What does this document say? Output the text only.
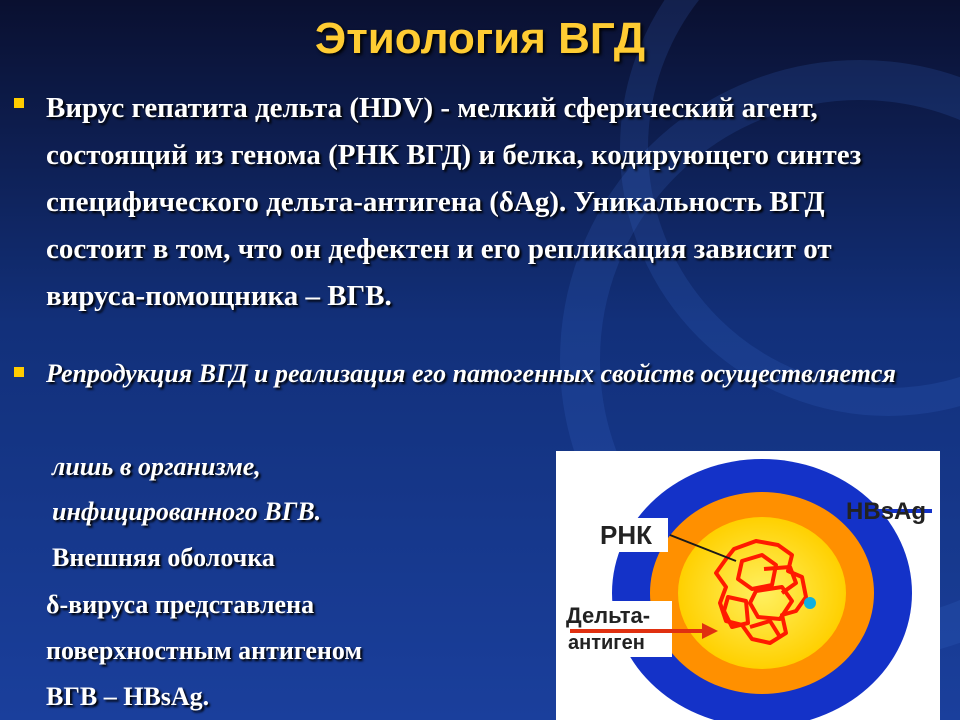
Этиология ВГД
Вирус гепатита дельта (HDV) - мелкий сферический агент, состоящий из генома (РНК ВГД) и белка, кодирующего синтез специфического дельта-антигена (δAg). Уникальность ВГД состоит в том, что он дефектен и его репликация зависит от вируса-помощника – ВГВ.
Репродукция ВГД и реализация его патогенных свойств осуществляется
лишь в организме,
инфицированного ВГВ.
Внешняя оболочка
δ-вируса представлена
поверхностным антигеном
ВГВ – HBsAg.
РНК
HBsAg
Дельта-
антиген
